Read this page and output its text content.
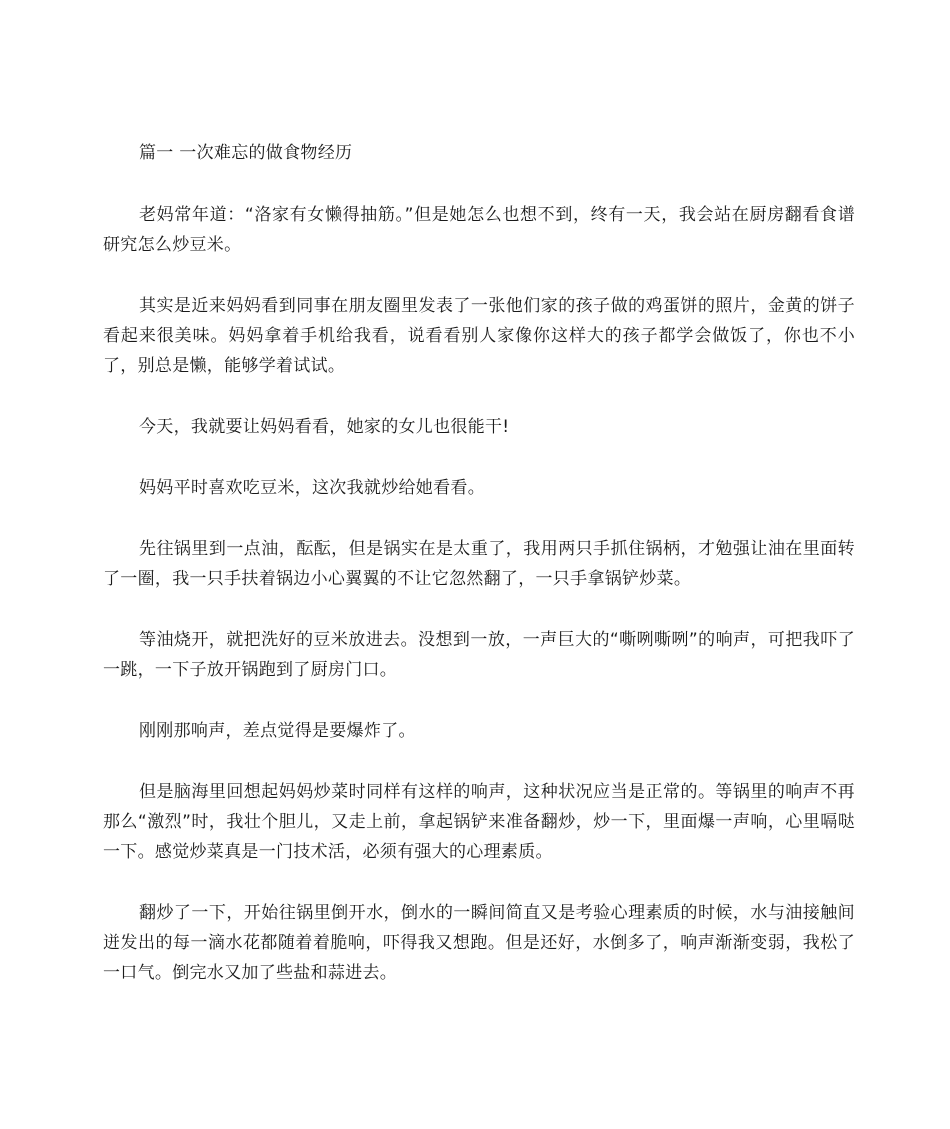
篇一 一次难忘的做食物经历

老妈常年道：“洛家有女懒得抽筋。”但是她怎么也想不到，终有一天，我会站在厨房翻看食谱研究怎么炒豆米。

其实是近来妈妈看到同事在朋友圈里发表了一张他们家的孩子做的鸡蛋饼的照片，金黄的饼子看起来很美味。妈妈拿着手机给我看，说看看别人家像你这样大的孩子都学会做饭了，你也不小了，别总是懒，能够学着试试。

今天，我就要让妈妈看看，她家的女儿也很能干!

妈妈平时喜欢吃豆米，这次我就炒给她看看。

先往锅里到一点油，酝酝，但是锅实在是太重了，我用两只手抓住锅柄，才勉强让油在里面转了一圈，我一只手扶着锅边小心翼翼的不让它忽然翻了，一只手拿锅铲炒菜。

等油烧开，就把洗好的豆米放进去。没想到一放，一声巨大的“嘶咧嘶咧”的响声，可把我吓了一跳，一下子放开锅跑到了厨房门口。

刚刚那响声，差点觉得是要爆炸了。

但是脑海里回想起妈妈炒菜时同样有这样的响声，这种状况应当是正常的。等锅里的响声不再那么“激烈”时，我壮个胆儿，又走上前，拿起锅铲来准备翻炒，炒一下，里面爆一声响，心里嗝哒一下。感觉炒菜真是一门技术活，必须有强大的心理素质。

翻炒了一下，开始往锅里倒开水，倒水的一瞬间简直又是考验心理素质的时候，水与油接触间迸发出的每一滴水花都随着着脆响，吓得我又想跑。但是还好，水倒多了，响声渐渐变弱，我松了一口气。倒完水又加了些盐和蒜进去。
